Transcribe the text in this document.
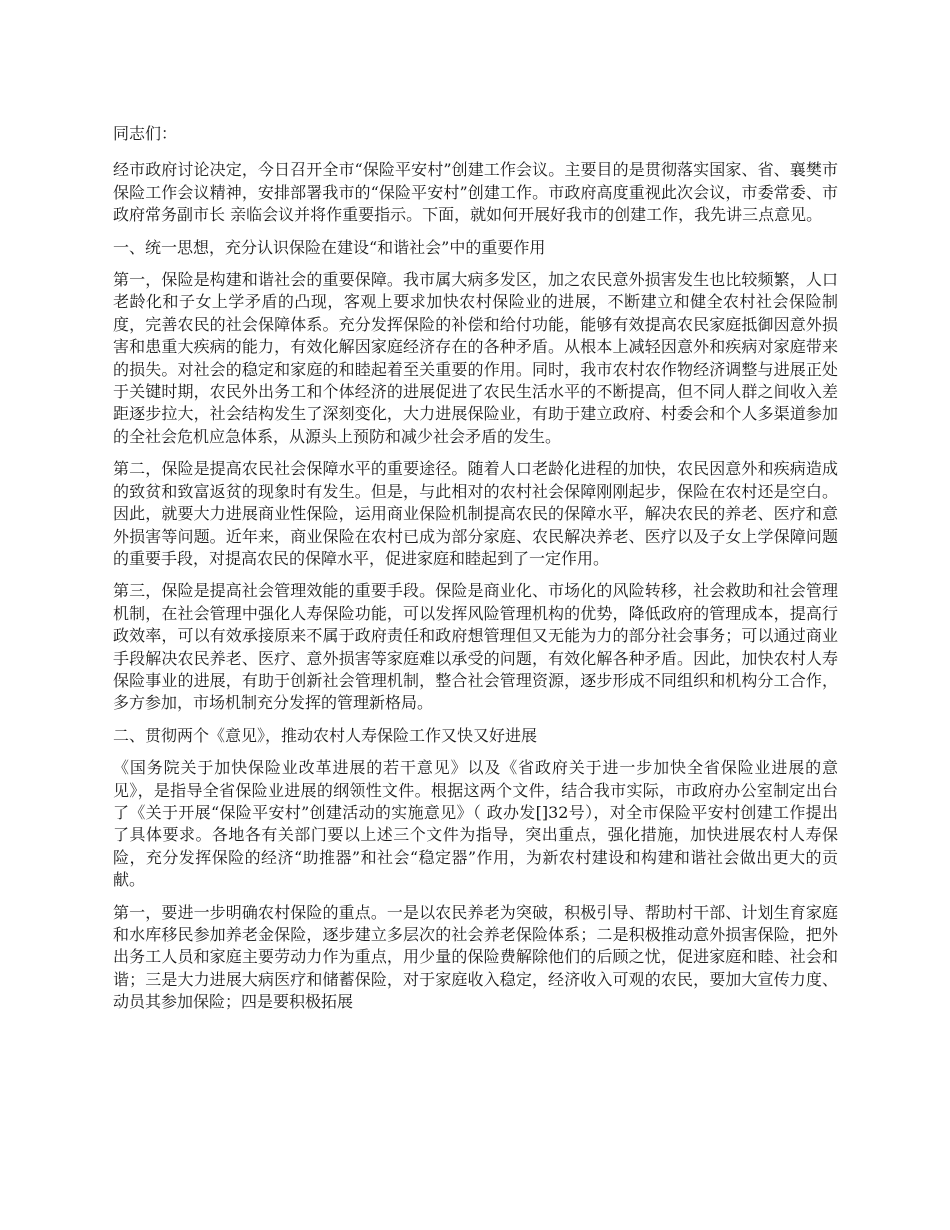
同志们：

经市政府讨论决定，今日召开全市“保险平安村”创建工作会议。主要目的是贯彻落实国家、省、襄樊市保险工作会议精神，安排部署我市的“保险平安村”创建工作。市政府高度重视此次会议，市委常委、市政府常务副市长 亲临会议并将作重要指示。下面，就如何开展好我市的创建工作，我先讲三点意见。

一、统一思想，充分认识保险在建设“和谐社会”中的重要作用

第一，保险是构建和谐社会的重要保障。我市属大病多发区，加之农民意外损害发生也比较频繁，人口老龄化和子女上学矛盾的凸现，客观上要求加快农村保险业的进展，不断建立和健全农村社会保险制度，完善农民的社会保障体系。充分发挥保险的补偿和给付功能，能够有效提高农民家庭抵御因意外损害和患重大疾病的能力，有效化解因家庭经济存在的各种矛盾。从根本上减轻因意外和疾病对家庭带来的损失。对社会的稳定和家庭的和睦起着至关重要的作用。同时，我市农村农作物经济调整与进展正处于关键时期，农民外出务工和个体经济的进展促进了农民生活水平的不断提高，但不同人群之间收入差距逐步拉大，社会结构发生了深刻变化，大力进展保险业，有助于建立政府、村委会和个人多渠道参加的全社会危机应急体系，从源头上预防和减少社会矛盾的发生。

第二，保险是提高农民社会保障水平的重要途径。随着人口老龄化进程的加快，农民因意外和疾病造成的致贫和致富返贫的现象时有发生。但是，与此相对的农村社会保障刚刚起步，保险在农村还是空白。因此，就要大力进展商业性保险，运用商业保险机制提高农民的保障水平，解决农民的养老、医疗和意外损害等问题。近年来，商业保险在农村已成为部分家庭、农民解决养老、医疗以及子女上学保障问题的重要手段，对提高农民的保障水平，促进家庭和睦起到了一定作用。

第三，保险是提高社会管理效能的重要手段。保险是商业化、市场化的风险转移，社会救助和社会管理机制，在社会管理中强化人寿保险功能，可以发挥风险管理机构的优势，降低政府的管理成本，提高行政效率，可以有效承接原来不属于政府责任和政府想管理但又无能为力的部分社会事务；可以通过商业手段解决农民养老、医疗、意外损害等家庭难以承受的问题，有效化解各种矛盾。因此，加快农村人寿保险事业的进展，有助于创新社会管理机制，整合社会管理资源，逐步形成不同组织和机构分工合作，多方参加，市场机制充分发挥的管理新格局。

二、贯彻两个《意见》，推动农村人寿保险工作又快又好进展

《国务院关于加快保险业改革进展的若干意见》以及《省政府关于进一步加快全省保险业进展的意见》，是指导全省保险业进展的纲领性文件。根据这两个文件，结合我市实际，市政府办公室制定出台了《关于开展“保险平安村”创建活动的实施意见》（ 政办发[]32号），对全市保险平安村创建工作提出了具体要求。各地各有关部门要以上述三个文件为指导，突出重点，强化措施，加快进展农村人寿保险，充分发挥保险的经济“助推器”和社会“稳定器”作用，为新农村建设和构建和谐社会做出更大的贡献。

第一，要进一步明确农村保险的重点。一是以农民养老为突破，积极引导、帮助村干部、计划生育家庭和水库移民参加养老金保险，逐步建立多层次的社会养老保险体系；二是积极推动意外损害保险，把外出务工人员和家庭主要劳动力作为重点，用少量的保险费解除他们的后顾之忧，促进家庭和睦、社会和谐；三是大力进展大病医疗和储蓄保险，对于家庭收入稳定，经济收入可观的农民，要加大宣传力度、动员其参加保险；四是要积极拓展
